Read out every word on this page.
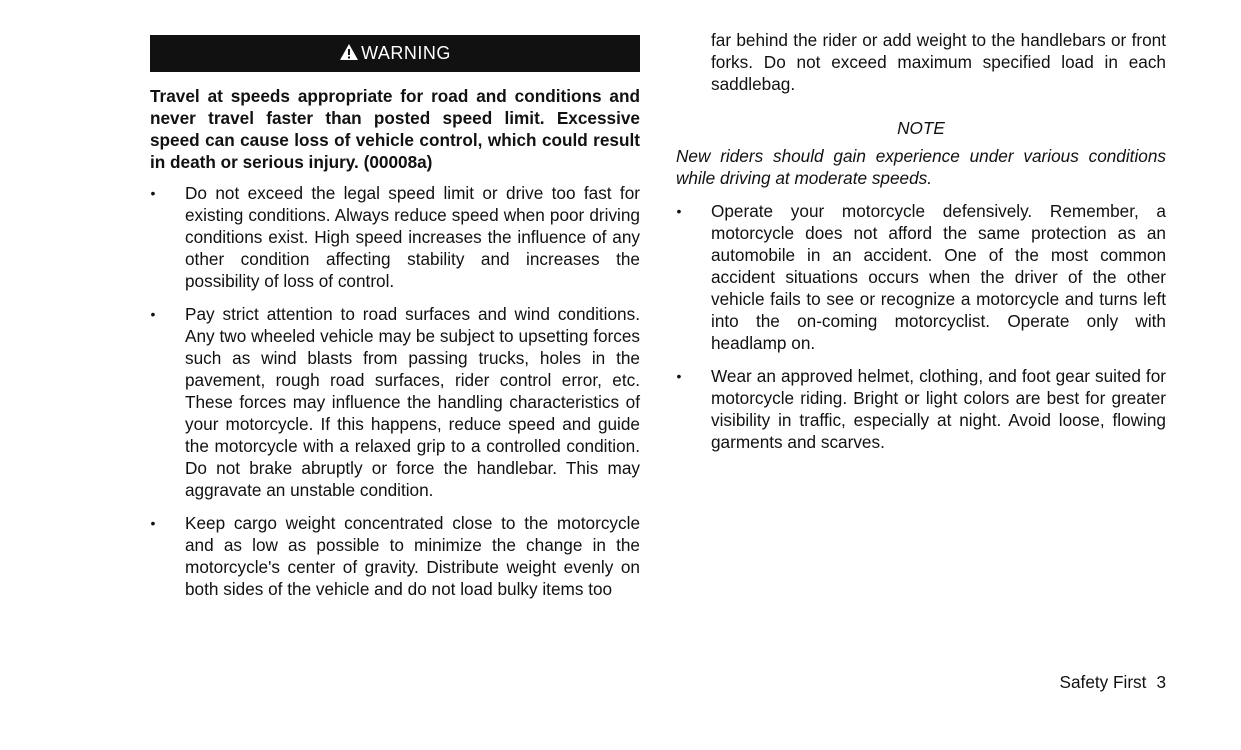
WARNING

Travel at speeds appropriate for road and conditions and never travel faster than posted speed limit. Excessive speed can cause loss of vehicle control, which could result in death or serious injury. (00008a)

• Do not exceed the legal speed limit or drive too fast for existing conditions. Always reduce speed when poor driving conditions exist. High speed increases the influence of any other condition affecting stability and increases the possibility of loss of control.
• Pay strict attention to road surfaces and wind conditions. Any two wheeled vehicle may be subject to upsetting forces such as wind blasts from passing trucks, holes in the pavement, rough road surfaces, rider control error, etc. These forces may influence the handling characteristics of your motorcycle. If this happens, reduce speed and guide the motorcycle with a relaxed grip to a controlled condition. Do not brake abruptly or force the handlebar. This may aggravate an unstable condition.
• Keep cargo weight concentrated close to the motorcycle and as low as possible to minimize the change in the motorcycle's center of gravity. Distribute weight evenly on both sides of the vehicle and do not load bulky items too

far behind the rider or add weight to the handlebars or front forks. Do not exceed maximum specified load in each saddlebag.

NOTE

New riders should gain experience under various conditions while driving at moderate speeds.

• Operate your motorcycle defensively. Remember, a motorcycle does not afford the same protection as an automobile in an accident. One of the most common accident situations occurs when the driver of the other vehicle fails to see or recognize a motorcycle and turns left into the on-coming motorcyclist. Operate only with headlamp on.
• Wear an approved helmet, clothing, and foot gear suited for motorcycle riding. Bright or light colors are best for greater visibility in traffic, especially at night. Avoid loose, flowing garments and scarves.
Safety First 3
